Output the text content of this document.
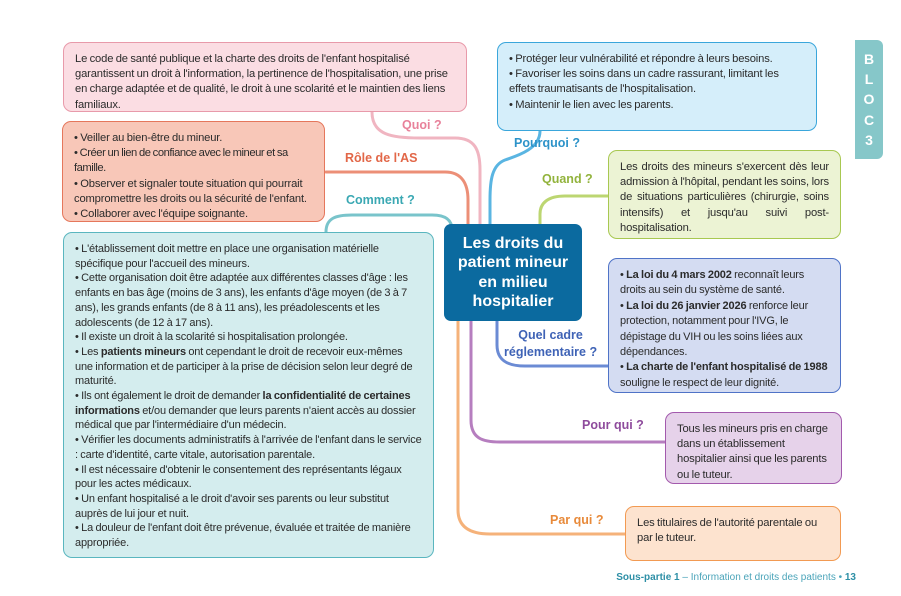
Le code de santé publique et la charte des droits de l'enfant hospitalisé garantissent un droit à l'information, la pertinence de l'hospitalisation, une prise en charge adaptée et de qualité, le droit à une scolarité et le maintien des liens familiaux.

• Veiller au bien-être du mineur.

• Créer un lien de confiance avec le mineur et sa famille.

• Observer et signaler toute situation qui pourrait compromettre les droits ou la sécurité de l'enfant.

• Collaborer avec l'équipe soignante.

• L'établissement doit mettre en place une organisation matérielle spécifique pour l'accueil des mineurs.

• Cette organisation doit être adaptée aux différentes classes d'âge : les enfants en bas âge (moins de 3 ans), les enfants d'âge moyen (de 3 à 7 ans), les grands enfants (de 8 à 11 ans), les préadolescents et les adolescents (de 12 à 17 ans).

• Il existe un droit à la scolarité si hospitalisation prolongée.

• Les patients mineurs ont cependant le droit de recevoir eux-mêmes une information et de participer à la prise de décision selon leur degré de maturité.

• Ils ont également le droit de demander la confidentialité de certaines informations et/ou demander que leurs parents n'aient accès au dossier médical que par l'intermédiaire d'un médecin.

• Vérifier les documents administratifs à l'arrivée de l'enfant dans le service : carte d'identité, carte vitale, autorisation parentale.

• Il est nécessaire d'obtenir le consentement des représentants légaux pour les actes médicaux.

• Un enfant hospitalisé a le droit d'avoir ses parents ou leur substitut auprès de lui jour et nuit.

• La douleur de l'enfant doit être prévenue, évaluée et traitée de manière appropriée.

• Protéger leur vulnérabilité et répondre à leurs besoins.

• Favoriser les soins dans un cadre rassurant, limitant les effets traumatisants de l'hospitalisation.

• Maintenir le lien avec les parents.

Les droits des mineurs s'exercent dès leur admission à l'hôpital, pendant les soins, lors de situations particulières (chirurgie, soins intensifs) et jusqu'au suivi post-hospitalisation.

• La loi du 4 mars 2002 reconnaît leurs droits au sein du système de santé.

• La loi du 26 janvier 2026 renforce leur protection, notamment pour l'IVG, le dépistage du VIH ou les soins liées aux dépendances.

• La charte de l'enfant hospitalisé de 1988 souligne le respect de leur dignité.

Tous les mineurs pris en charge dans un établissement hospitalier ainsi que les parents ou le tuteur.

Les titulaires de l'autorité parentale ou par le tuteur.

Les droits du patient mineur en milieu hospitalier
Quoi ?
Rôle de l'AS
Comment ?
Pourquoi ?
Quand ?
Quel cadre
réglementaire ?
Pour qui ?
Par qui ?
B
L
O
C
3
Sous-partie 1 – Information et droits des patients • 13
